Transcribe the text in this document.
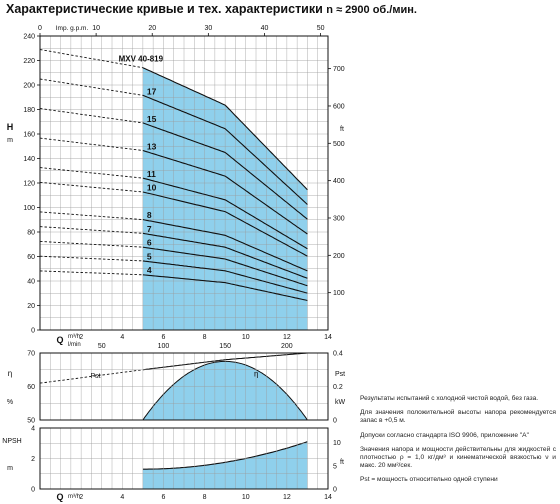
Характеристические кривые и тех. характеристики n ≈ 2900 об./мин.
4
5
6
7
8
10
11
13
15
17
MXV 40-819
0
20
40
60
80
100
120
140
160
180
200
220
240
H
m
100
200
300
400
500
600
700
ft
0	10	20	30	40	50
Imp. g.p.m.
2	4	6	8	10	12	14
50	100	150	200
Q m³/h
l/min
Pst	η
50
60
70
η
%
0
0.2
0.4
Pst
kW
0
2
4
NPSH
m
0
5
10
ft
2	4	6	8	10	12	14
Q m³/h

Результаты испытаний с холодной чистой водой, без газа.

Для значения положительной высоты напора рекомендуется запас в +0,5 м.

Допуски согласно стандарта ISO 9906, приложение "A"

Значения напора и мощности действительны для жидкостей с плотностью ρ = 1,0 кг/дм³ и кинематической вязкостью ν и макс. 20 мм²/сек.

Pst = мощность относительно одной ступени
